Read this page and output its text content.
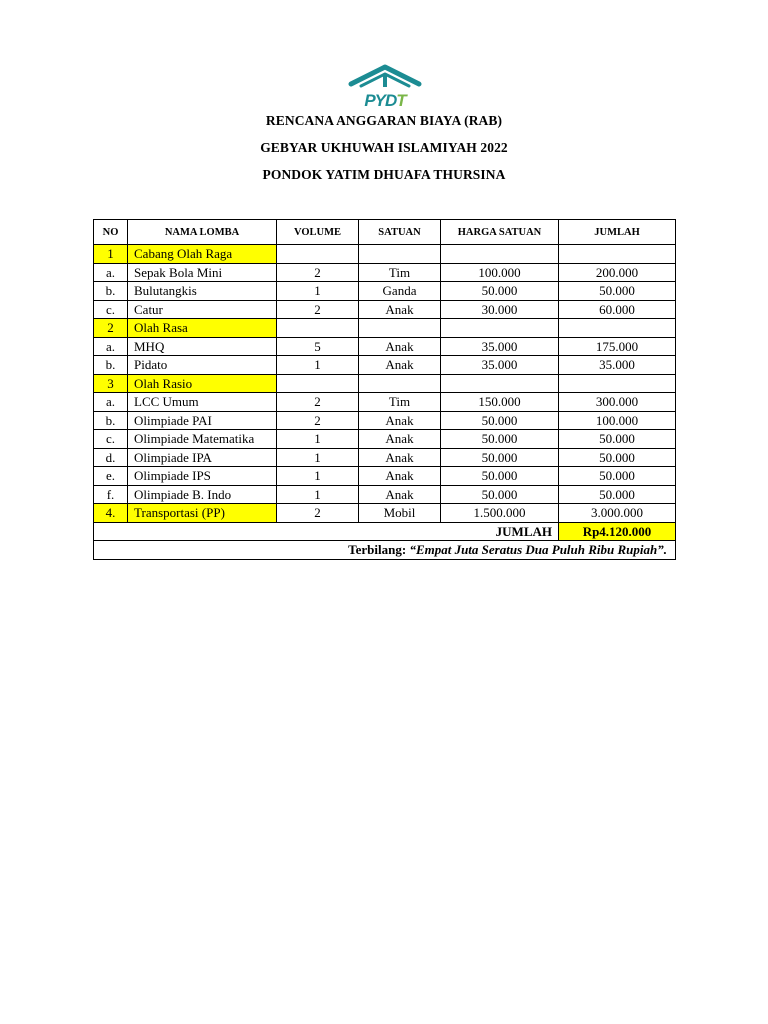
PYDT
RENCANA ANGGARAN BIAYA (RAB)
GEBYAR UKHUWAH ISLAMIYAH 2022
PONDOK YATIM DHUAFA THURSINA
NO	NAMA LOMBA	VOLUME	SATUAN	HARGA SATUAN	JUMLAH
1	Cabang Olah Raga				
a.	Sepak Bola Mini	2	Tim	100.000	200.000
b.	Bulutangkis	1	Ganda	50.000	50.000
c.	Catur	2	Anak	30.000	60.000
2	Olah Rasa				
a.	MHQ	5	Anak	35.000	175.000
b.	Pidato	1	Anak	35.000	35.000
3	Olah Rasio				
a.	LCC Umum	2	Tim	150.000	300.000
b.	Olimpiade PAI	2	Anak	50.000	100.000
c.	Olimpiade Matematika	1	Anak	50.000	50.000
d.	Olimpiade IPA	1	Anak	50.000	50.000
e.	Olimpiade IPS	1	Anak	50.000	50.000
f.	Olimpiade B. Indo	1	Anak	50.000	50.000
4.	Transportasi (PP)	2	Mobil	1.500.000	3.000.000
JUMLAH					Rp4.120.000
Terbilang: “Empat Juta Seratus Dua Puluh Ribu Rupiah”.					
